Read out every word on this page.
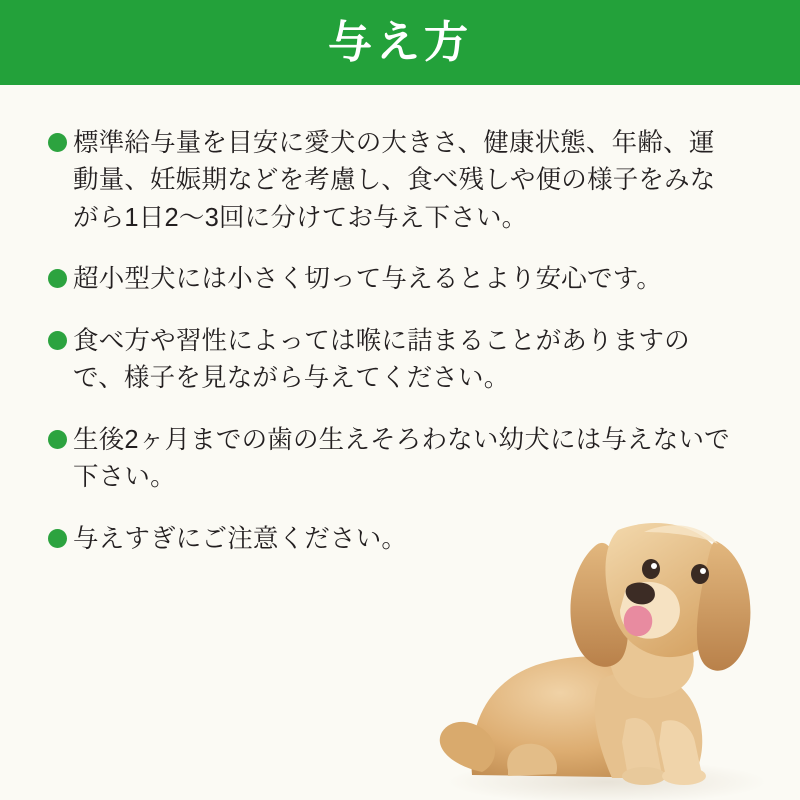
与え方
標準給与量を目安に愛犬の大きさ、健康状態、年齢、運動量、妊娠期などを考慮し、食べ残しや便の様子をみながら1日2〜3回に分けてお与え下さい。
超小型犬には小さく切って与えるとより安心です。
食べ方や習性によっては喉に詰まることがありますので、様子を見ながら与えてください。
生後2ヶ月までの歯の生えそろわない幼犬には与えないで下さい。
与えすぎにご注意ください。
